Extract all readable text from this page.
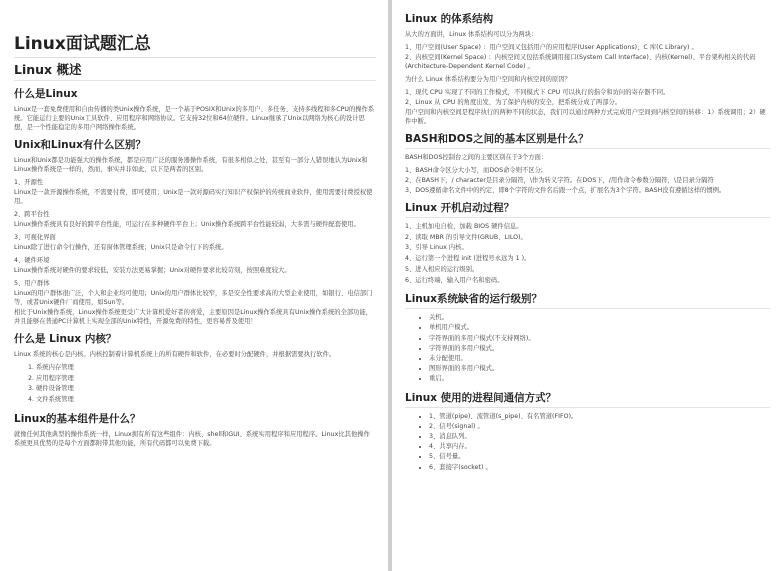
Linux面试题汇总
Linux 概述
什么是Linux

Linux是一套免费使用和自由传播的类Unix操作系统，是一个基于POSIX和Unix的多用户、多任务、支持多线程和多CPU的操作系统。它能运行主要的Unix工具软件、应用程序和网络协议。它支持32位和64位硬件。Linux继承了Unix以网络为核心的设计思想，是一个性能稳定的多用户网络操作系统。

Unix和Linux有什么区别？

Linux和Unix都是功能强大的操作系统，都是应用广泛的服务器操作系统，有很多相似之处，甚至有一部分人错误地认为Unix和Linux操作系统是一样的，然而，事实并非如此，以下是两者的区别。

1、开源性

Linux是一款开源操作系统，不需要付费，即可使用；Unix是一款对源码实行知识产权保护的传统商业软件，使用需要付费授权使用。

2、跨平台性

Linux操作系统具有良好的跨平台性能，可运行在多种硬件平台上；Unix操作系统跨平台性能较弱，大多需与硬件配套使用。

3、可视化界面

Linux除了进行命令行操作，还有窗体管理系统；Unix只是命令行下的系统。

4、硬件环境

Linux操作系统对硬件的要求较低，安装方法更易掌握；Unix对硬件要求比较苛刻，按照难度较大。

5、用户群体

Linux的用户群体很广泛，个人和企业均可使用；Unix的用户群体比较窄，多是安全性要求高的大型企业使用，如银行、电信部门等，或者Unix硬件厂商使用，如Sun等。

相比于Unix操作系统，Linux操作系统更受广大计算机爱好者的喜爱，主要原因是Linux操作系统具有Unix操作系统的全部功能，并且能够在普通PC计算机上实现全部的Unix特性，开源免费的特性，更容易普及使用！

什么是 Linux 内核？

Linux 系统的核心是内核。内核控制着计算机系统上的所有硬件和软件，在必要时分配硬件，并根据需要执行软件。

1. 系统内存管理
2. 应用程序管理
3. 硬件设备管理
4. 文件系统管理
Linux的基本组件是什么？

就像任何其他典型的操作系统一样，Linux拥有所有这些组件：内核、shell和GUI、系统实用程序和应用程序。Linux比其他操作系统更具优势的是每个方面都附带其他功能，所有代码都可以免费下载。

Linux 的体系结构

从大的方面讲，Linux 体系结构可以分为两块：

1、用户空间(User Space) ：用户空间又包括用户的应用程序(User Applications)、C 库(C Library) 。

2、内核空间(Kernel Space) ：内核空间又包括系统调用接口(System Call Interface)、内核(Kernel)、平台架构相关的代码(Architecture-Dependent Kernel Code) 。

为什么 Linux 体系结构要分为用户空间和内核空间的原因？

1、现代 CPU 实现了不同的工作模式，不同模式下 CPU 可以执行的指令和访问的寄存器不同。

2、Linux 从 CPU 的角度出发，为了保护内核的安全，把系统分成了两部分。

用户空间和内核空间是程序执行的两种不同的状态，我们可以通过两种方式完成用户空间到内核空间的转移：1）系统调用；2）硬件中断。

BASH和DOS之间的基本区别是什么？

BASH和DOS控制台之间的主要区别在于3个方面：

1、BASH命令区分大小写，而DOS命令则不区分;

2、在BASH下，/ character是目录分隔符，\作为转义字符。在DOS下，/用作命令参数分隔符，\是目录分隔符

3、DOS遵循命名文件中的约定，即8个字符的文件名后跟一个点，扩展名为3个字符。BASH没有遵循这样的惯例。

Linux 开机启动过程？
1、主机加电自检，加载 BIOS 硬件信息。
2、读取 MBR 的引导文件(GRUB、LILO)。
3、引导 Linux 内核。
4、运行第一个进程 init (进程号永远为 1 )。
5、进入相应的运行级别。
6、运行终端，输入用户名和密码。
Linux系统缺省的运行级别？
• 关机。
• 单机用户模式。
• 字符界面的多用户模式(不支持网络)。
• 字符界面的多用户模式。
• 未分配使用。
• 图形界面的多用户模式。
• 重启。
Linux 使用的进程间通信方式？
• 1、管道(pipe)、流管道(s_pipe)、有名管道(FIFO)。
• 2、信号(signal) 。
• 3、消息队列。
• 4、共享内存。
• 5、信号量。
• 6、套接字(socket) 。
